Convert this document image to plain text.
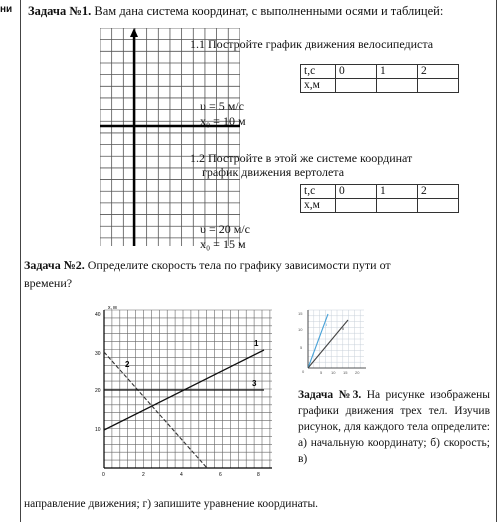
ни Задача №1. Вам дана система координат, с выполненными осями и таблицей:
1.1 Постройте график движения велосипедиста
t,c	0	1	2
x,м			
υ = 5 м/с
x₀ = 10 м
1.2 Постройте в этой же системе координат
график движения вертолета
t,c	0	1	2
x,м			
υ = 20 м/с
x₀ = 15 м
Задача №2. Определите скорость тела по графику зависимости пути от
времени?
x, м
40
30
20
10
0	2	4	6	8
1
2
3
15
10
5
0	5 10 15 20
I
II
Задача №3. На рисунке изображены графики движения трех тел. Изучив рисунок, для каждого тела определите: а) начальную координату; б) скорость; в)
направление движения; г) запишите уравнение координаты.
